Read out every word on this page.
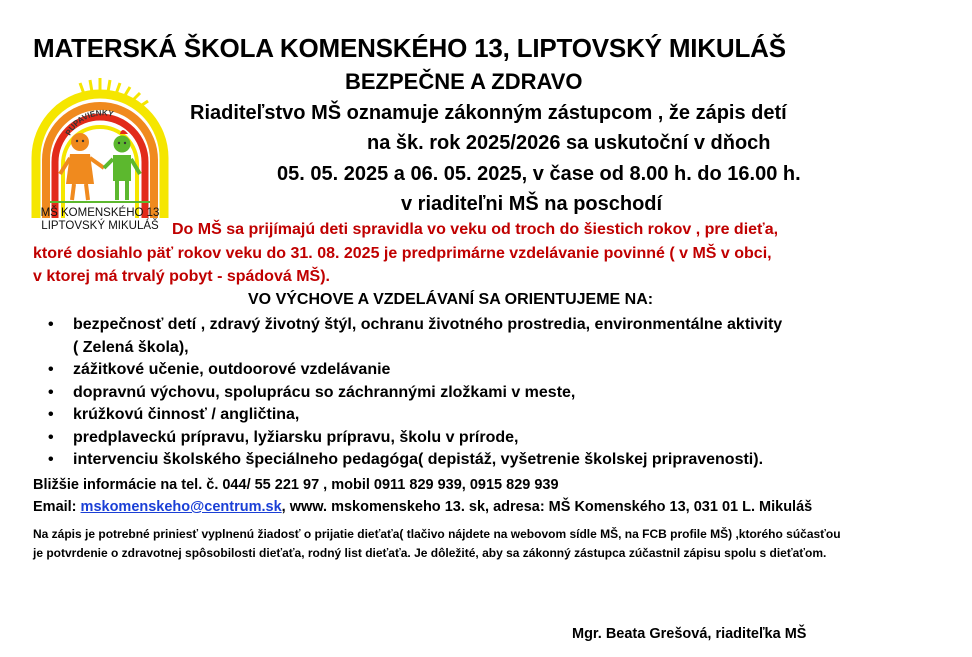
MATERSKÁ ŠKOLA KOMENSKÉHO 13, LIPTOVSKÝ MIKULÁŠ
BEZPEČNE A ZDRAVO
PUPAVIENKY
MŠ KOMENSKÉHO 13
LIPTOVSKÝ MIKULÁŠ
Riaditeľstvo MŠ oznamuje zákonným zástupcom , že zápis detí
na šk. rok 2025/2026 sa uskutoční v dňoch
05. 05. 2025 a 06. 05. 2025, v čase od 8.00 h. do 16.00 h.
v riaditeľni MŠ na poschodí
Do MŠ sa prijímajú deti spravidla vo veku od troch do šiestich rokov , pre dieťa,
ktoré dosiahlo päť rokov veku do 31. 08. 2025 je predprimárne vzdelávanie povinné ( v MŠ v obci,
v ktorej má trvalý pobyt - spádová MŠ).
VO VÝCHOVE A VZDELÁVANÍ SA ORIENTUJEME NA:
• bezpečnosť detí , zdravý životný štýl, ochranu životného prostredia, environmentálne aktivity
( Zelená škola),
• zážitkové učenie, outdoorové vzdelávanie
• dopravnú výchovu, spoluprácu so záchrannými zložkami v meste,
• krúžkovú činnosť / angličtina,
• predplaveckú prípravu, lyžiarsku prípravu, školu v prírode,
• intervenciu školského špeciálneho pedagóga( depistáž, vyšetrenie školskej pripravenosti).
Bližšie informácie na tel. č. 044/ 55 221 97 , mobil 0911 829 939, 0915 829 939
Email: mskomenskeho@centrum.sk, www. mskomenskeho 13. sk, adresa: MŠ Komenského 13, 031 01 L. Mikuláš
Na zápis je potrebné priniesť vyplnenú žiadosť o prijatie dieťaťa( tlačivo nájdete na webovom sídle MŠ, na FCB profile MŠ) ,ktorého súčasťou
je potvrdenie o zdravotnej spôsobilosti dieťaťa, rodný list dieťaťa. Je dôležité, aby sa zákonný zástupca zúčastnil zápisu spolu s dieťaťom.
Mgr. Beata Grešová, riaditeľka MŠ
